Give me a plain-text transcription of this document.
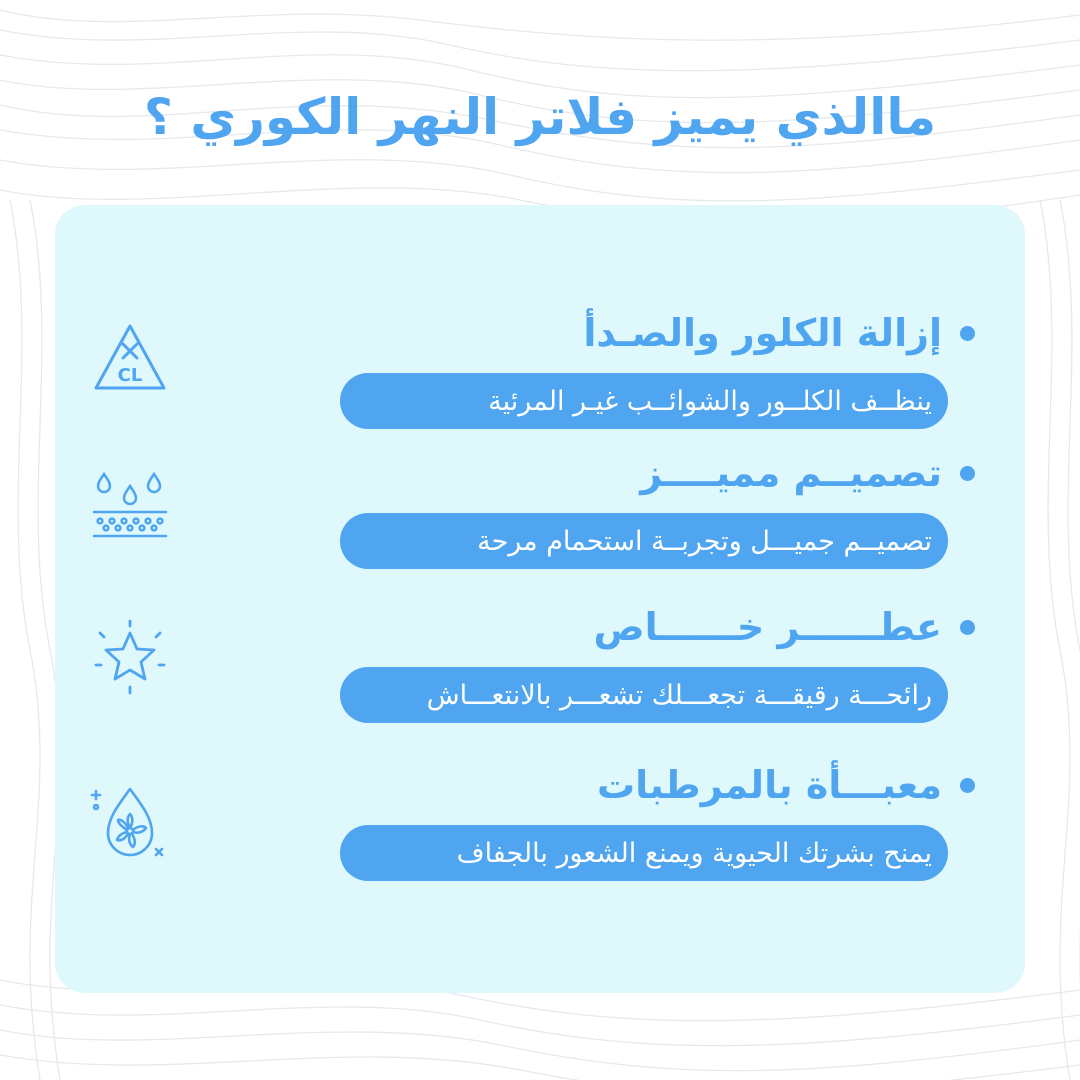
ماالذي يميز فلاتر النهر الكوري ؟
إزالة الكلور والصـدأ
ينظــف الكلــور والشوائــب غيـر المرئية
CL
تصميــم مميــــز
تصميــم جميـــل وتجربــة استحمام مرحة
عطــــــر خــــــاص
رائحـــة رقيقـــة تجعـــلك تشعـــر بالانتعـــاش
معبـــأة بالمرطبات
يمنح بشرتك الحيوية ويمنع الشعور بالجفاف
